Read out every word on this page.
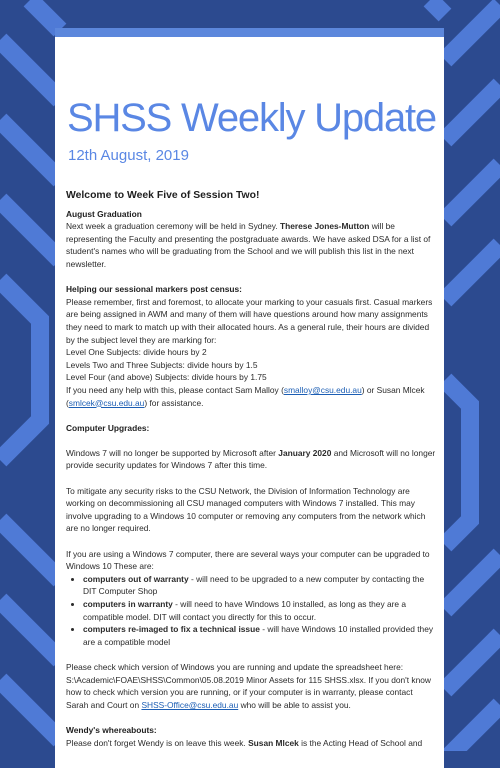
SHSS Weekly Update
12th August, 2019

Welcome to Week Five of Session Two!

August Graduation

Next week a graduation ceremony will be held in Sydney. Therese Jones-Mutton will be representing the Faculty and presenting the postgraduate awards. We have asked DSA for a list of student's names who will be graduating from the School and we will publish this list in the next newsletter.

Helping our sessional markers post census:

Please remember, first and foremost, to allocate your marking to your casuals first. Casual markers are being assigned in AWM and many of them will have questions around how many assignments they need to mark to match up with their allocated hours. As a general rule, their hours are divided by the subject level they are marking for:

Level One Subjects: divide hours by 2

Levels Two and Three Subjects: divide hours by 1.5

Level Four (and above) Subjects: divide hours by 1.75

If you need any help with this, please contact Sam Malloy (smalloy@csu.edu.au) or Susan Mlcek (smlcek@csu.edu.au) for assistance.

Computer Upgrades:

Windows 7 will no longer be supported by Microsoft after January 2020 and Microsoft will no longer provide security updates for Windows 7 after this time.

To mitigate any security risks to the CSU Network, the Division of Information Technology are working on decommissioning all CSU managed computers with Windows 7 installed. This may involve upgrading to a Windows 10 computer or removing any computers from the network which are no longer required.

If you are using a Windows 7 computer, there are several ways your computer can be upgraded to Windows 10 These are:

• computers out of warranty - will need to be upgraded to a new computer by contacting the DIT Computer Shop
• computers in warranty - will need to have Windows 10 installed, as long as they are a compatible model. DIT will contact you directly for this to occur.
• computers re-imaged to fix a technical issue - will have Windows 10 installed provided they are a compatible model

Please check which version of Windows you are running and update the spreadsheet here: S:\Academic\FOAE\SHSS\Common\05.08.2019 Minor Assets for 115 SHSS.xlsx. If you don't know how to check which version you are running, or if your computer is in warranty, please contact Sarah and Court on SHSS-Office@csu.edu.au who will be able to assist you.

Wendy's whereabouts:

Please don't forget Wendy is on leave this week. Susan Mlcek is the Acting Head of School and
